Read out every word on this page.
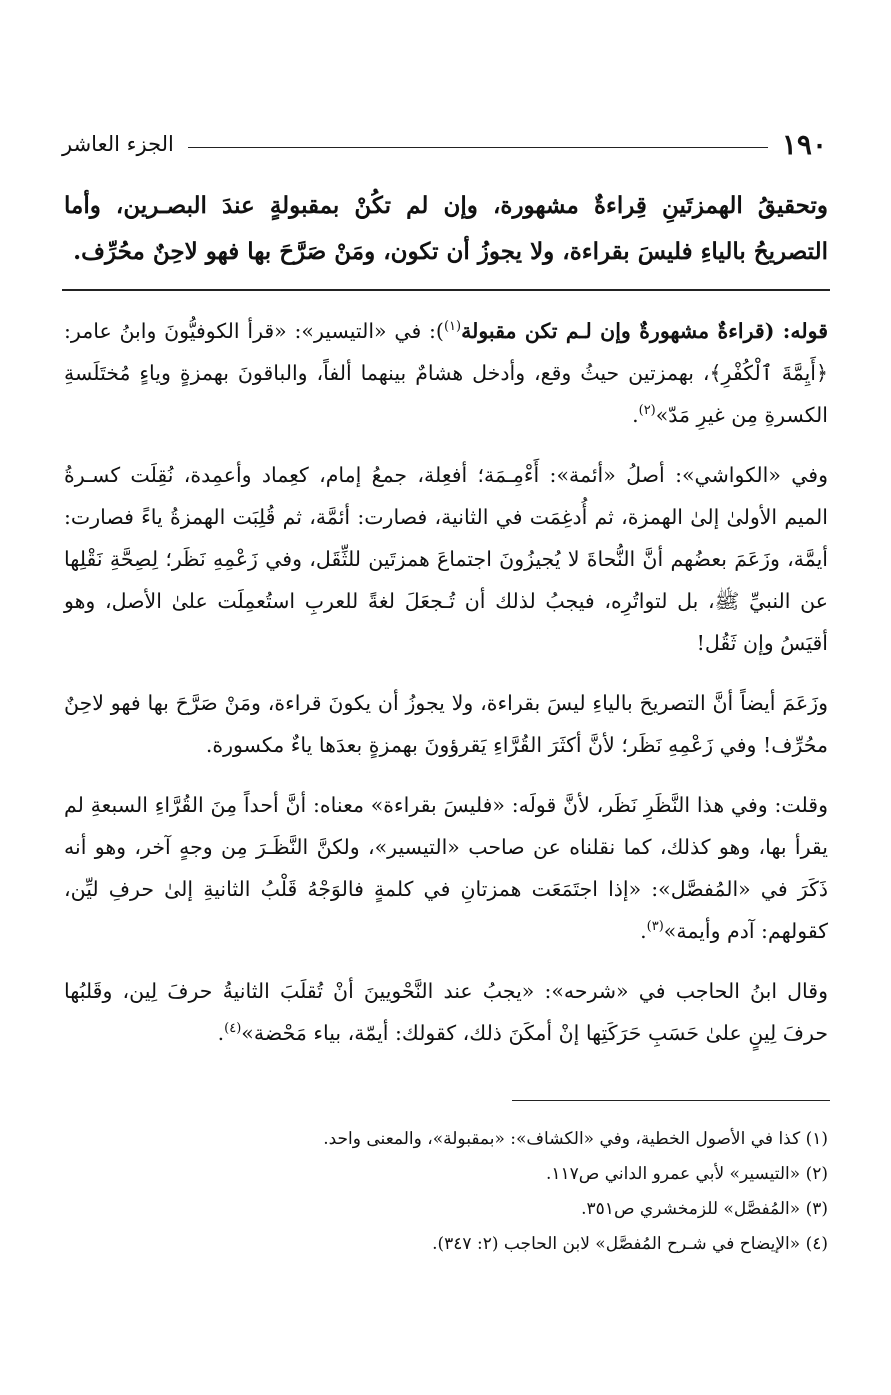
١٩٠
الجزء العاشر
وتحقيقُ الهمزتَينِ قِراءةٌ مشهورة، وإن لم تكُنْ بمقبولةٍ عندَ البصـرين، وأما التصريحُ بالياءِ فليسَ بقراءة، ولا يجوزُ أن تكون، ومَنْ صَرَّحَ بها فهو لاحِنٌ محُرِّف.

قوله: (قراءةٌ مشهورةٌ وإن لـم تكن مقبولة$^{(١)}$): في «التيسير»: «قرأ الكوفيُّونَ وابنُ عامر: ﴿أَيِمَّةَ ٱلْكُفْرِ﴾، بهمزتين حيثُ وقع، وأدخل هشامٌ بينهما ألفاً، والباقونَ بهمزةٍ وياءٍ مُختَلَسةِ الكسرةِ مِن غيرِ مَدّ»$^{(٢)}$.

وفي «الكواشي»: أصلُ «أئمة»: أَءْمِـمَة؛ أفعِلة، جمعُ إمام، كعِماد وأعمِدة، نُقِلَت كسـرةُ الميم الأولىٰ إلىٰ الهمزة، ثم أُدغِمَت في الثانية، فصارت: أئمَّة، ثم قُلِبَت الهمزةُ ياءً فصارت: أيمَّة، وزَعَمَ بعضُهم أنَّ النُّحاةَ لا يُجيزُونَ اجتماعَ همزتَين للثِّقَل، وفي زَعْمِهِ نَظَر؛ لِصِحَّةِ نَقْلِها عن النبيِّ ﷺ، بل لتواتُرِه، فيجبُ لذلك أن تُـجعَلَ لغةً للعربِ استُعمِلَت علىٰ الأصل، وهو أقيَسُ وإن ثَقُل!

وزَعَمَ أيضاً أنَّ التصريحَ بالياءِ ليسَ بقراءة، ولا يجوزُ أن يكونَ قراءة، ومَنْ صَرَّحَ بها فهو لاحِنٌ محُرِّف! وفي زَعْمِهِ نَظَر؛ لأنَّ أكثَرَ القُرَّاءِ يَقرؤونَ بهمزةٍ بعدَها ياءٌ مكسورة.

وقلت: وفي هذا النَّظَرِ نَظَر، لأنَّ قولَه: «فليسَ بقراءة» معناه: أنَّ أحداً مِنَ القُرَّاءِ السبعةِ لم يقرأ بها، وهو كذلك، كما نقلناه عن صاحب «التيسير»، ولكنَّ النَّظَـرَ مِن وجهٍ آخر، وهو أنه ذَكَرَ في «المُفصَّل»: «إذا اجتَمَعَت همزتانِ في كلمةٍ فالوَجْهُ قَلْبُ الثانيةِ إلىٰ حرفِ ليِّن، كقولهم: آدم وأيمة»$^{(٣)}$.

وقال ابنُ الحاجب في «شرحه»: «يجبُ عند النَّحْويينَ أنْ تُقلَبَ الثانيةُ حرفَ لِين، وقَلبُها حرفَ لِينٍ علىٰ حَسَبِ حَرَكَتِها إنْ أمكَنَ ذلك، كقولك: أيمّة، بياء مَحْضة»$^{(٤)}$.

(١) كذا في الأصول الخطية، وفي «الكشاف»: «بمقبولة»، والمعنى واحد.

(٢) «التيسير» لأبي عمرو الداني ص١١٧.

(٣) «المُفصَّل» للزمخشري ص٣٥١.

(٤) «الإيضاح في شـرح المُفصَّل» لابن الحاجب (٢: ٣٤٧).
